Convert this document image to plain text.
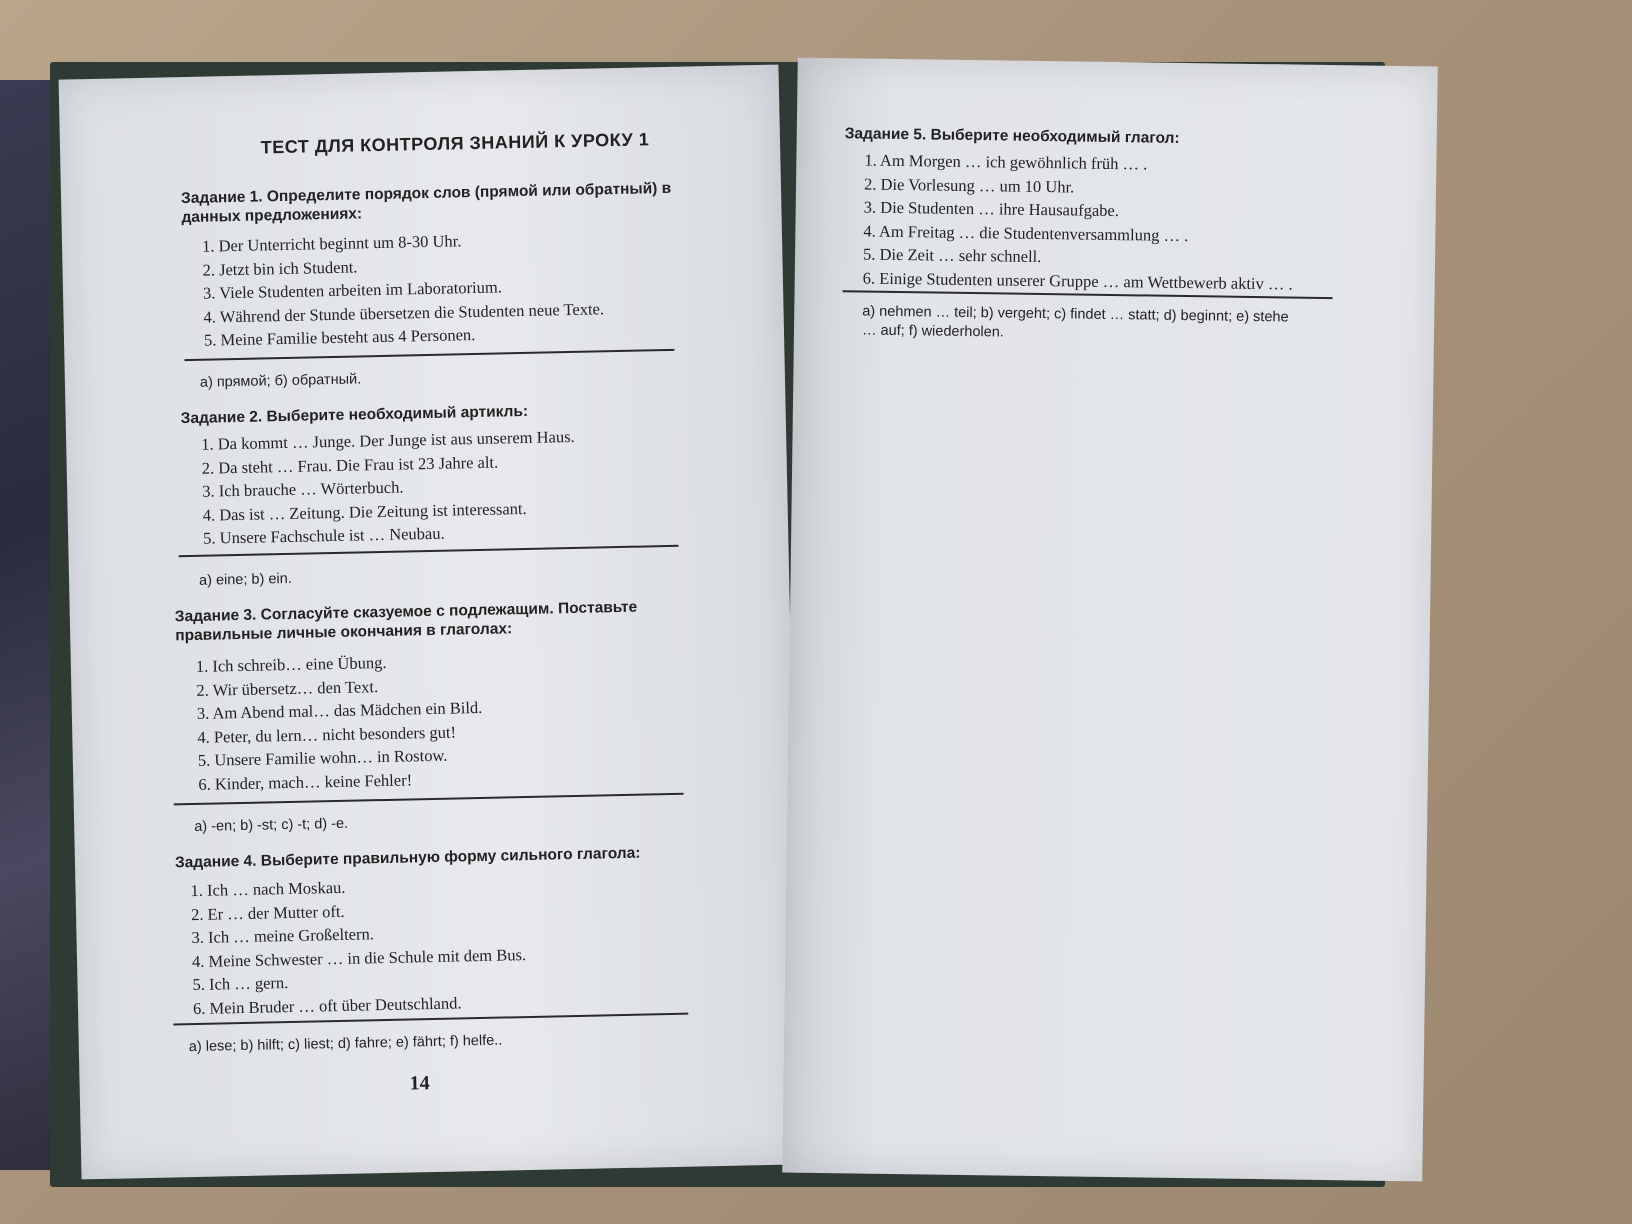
ТЕСТ ДЛЯ КОНТРОЛЯ ЗНАНИЙ К УРОКУ 1
Задание 1. Определите порядок слов (прямой или обратный) в данных предложениях:
1. Der Unterricht beginnt um 8-30 Uhr.
2. Jetzt bin ich Student.
3. Viele Studenten arbeiten im Laboratorium.
4. Während der Stunde übersetzen die Studenten neue Texte.
5. Meine Familie besteht aus 4 Personen.
а) прямой; б) обратный.
Задание 2. Выберите необходимый артикль:
1. Da kommt … Junge. Der Junge ist aus unserem Haus.
2. Da steht … Frau. Die Frau ist 23 Jahre alt.
3. Ich brauche … Wörterbuch.
4. Das ist … Zeitung. Die Zeitung ist interessant.
5. Unsere Fachschule ist … Neubau.
а) eine; b) ein.
Задание 3. Согласуйте сказуемое с подлежащим. Поставьте правильные личные окончания в глаголах:
1. Ich schreib… eine Übung.
2. Wir übersetz… den Text.
3. Am Abend mal… das Mädchen ein Bild.
4. Peter, du lern… nicht besonders gut!
5. Unsere Familie wohn… in Rostow.
6. Kinder, mach… keine Fehler!
а) -en; b) -st; c) -t; d) -e.
Задание 4. Выберите правильную форму сильного глагола:
1. Ich … nach Moskau.
2. Er … der Mutter oft.
3. Ich … meine Großeltern.
4. Meine Schwester … in die Schule mit dem Bus.
5. Ich … gern.
6. Mein Bruder … oft über Deutschland.
а) lese; b) hilft; c) liest; d) fahre; e) fährt; f) helfe..
14
Задание 5. Выберите необходимый глагол:
1. Am Morgen … ich gewöhnlich früh … .
2. Die Vorlesung … um 10 Uhr.
3. Die Studenten … ihre Hausaufgabe.
4. Am Freitag … die Studentenversammlung … .
5. Die Zeit … sehr schnell.
6. Einige Studenten unserer Gruppe … am Wettbewerb aktiv … .
a) nehmen … teil; b) vergeht; c) findet … statt; d) beginnt; e) stehe
… auf; f) wiederholen.
